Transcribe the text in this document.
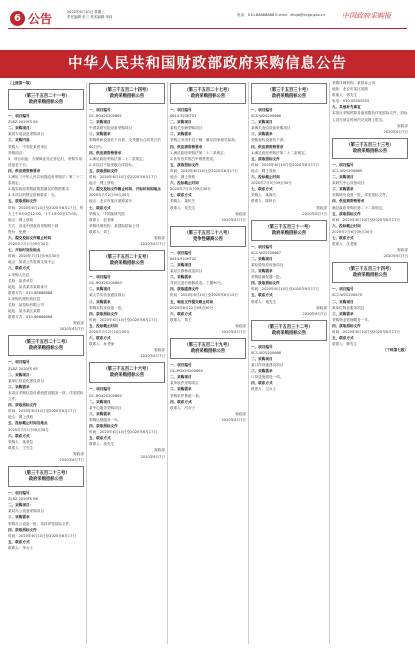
6 公告	2020年6月10日 星期三
责任编辑 张三 美术编辑 李四	电话：010-88888888 E-mail：zfcgb@ccgp.gov.cn 中国政府采购报
中华人民共和国财政部政府采购信息公告

（上接第一版）

（第三千五百二十一号）
政府采购招标公告

一、项目编号

ZLBZ-2020FS 64

二、采购项目：

某省专用设备采购项目

三、采购内容

采购人：中央驻某省单位

采购项目：

3、项目用途：为保障业务正常运行，采购专用设备若干台。

四、供应商资格要求

1.满足《中华人民共和国政府采购法》第二十二条规定；

2.落实政府采购政策需满足的资格要求；

3.本项目的特定资格要求：无。

五、获取招标文件

时间：2020年6月10日至2020年6月17日，每天上午9:00至12:00，下午13:00至17:00。

地点：网上获取

方式：登录中国政府采购网下载

售价：免费

六、提交投标文件截止时间

2020年7月1日09点30分

七、开标时间及地点

时间：2020年7月1日09点30分

地点：某省公共资源交易中心

八、联系方式

1.采购人信息

名称：某省单位

地址：某省某市某路某号

联系方式：010-88888888

2.采购代理机构信息

名称：某招标有限公司

地址：某市某区某路

联系方式：010-66666666

财政部

2020年6月7日

（第三千五百二十二号）
政府采购招标公告

一、项目编号

ZLBZ-2020FS 65

二、采购项目：

某单位信息化建设项目

三、采购需求

本项目采购信息化系统建设服务一项，详见招标文件。

四、获取招标文件

时间：2020年6月10日至2020年6月17日

地点：网上获取

五、投标截止时间及地点

2020年7月1日09点30分

六、联系方式

采购人：某单位

联系人：王先生

财政部

2020年6月7日

（第三千五百二十三号）
政府采购招标公告

一、项目编号

ZLBZ-2020FS 66

二、采购项目：

某局办公设备采购项目

三、采购需求

采购办公设备一批，具体详见招标文件。

四、获取招标文件

时间：2020年6月10日至2020年6月17日

五、联系方式

联系人：李女士

（第三千五百二十四号）
政府采购招标公告

一、项目编号

GC-HGX20200662

二、采购项目

中国某研究院设备采购项目

三、采购需求

采购科研设备若干台套，交货期为合同签订后60日内。

四、供应商资格要求

1.满足政府采购法第二十二条规定；

2.本项目不接受联合体投标。

五、获取招标文件

时间：2020年6月10日至2020年6月17日

地点：网上获取

六、提交投标文件截止时间、开标时间和地点

2020年7月2日09点30分

地点：北京市某区某路某号

七、联系方式

采购人：中国某研究院

联系人：赵老师

采购代理机构：某国际招标公司

联系人：刘工

财政部

2020年6月7日

（第三千五百二十五号）
政府采购招标公告

一、项目编号

GC-HGX20200663

二、采购项目

某大学实验室建设项目

三、采购需求

采购实验室设备一批。

四、获取招标文件

时间：2020年6月10日至2020年6月17日

五、投标截止时间

2020年7月2日14点00分

六、联系方式

联系人：孙老师

财政部

2020年6月7日

（第三千五百二十六号）
政府采购招标公告

一、项目编号

GC-HGX20200664

二、采购项目

某中心服务采购项目

三、采购需求

采购运维服务一年。

四、获取招标文件

时间：2020年6月10日至2020年6月17日

五、联系方式

联系人：周先生

财政部

2020年6月7日

（第三千五百二十七号）
政府采购招标公告

一、项目编号

0614-Y20HT01

二、采购项目

某机关车辆采购项目

三、采购需求

采购公务用车若干辆，满足国家相关标准。

四、供应商资格要求

1.满足政府采购法第二十二条规定；

2.具有有效的汽车销售资质。

五、获取招标文件

时间：2020年6月10日至2020年6月17日

地点：网上获取

六、投标截止时间

2020年7月3日09点30分

七、联系方式

采购人：某机关

联系人：吴先生

财政部

2020年6月7日

（第三千五百二十八号）
竞争性磋商公告

一、项目编号

0614-Y20HT02

二、采购项目

某站点维修改造项目

三、采购需求

对站点进行维修改造，工期90天。

四、获取磋商文件

时间：2020年6月10日至2020年6月15日

五、响应文件提交截止时间

2020年6月22日09点30分

六、联系方式

联系人：郑工

财政部

2020年6月7日

（第三千五百二十九号）
政府采购招标公告

一、项目编号

GC-HGX20200665

二、采购项目

某所软件采购项目

三、采购需求

采购软件系统一套。

四、联系方式

联系人：冯女士

财政部

2020年6月7日

（第三千五百三十号）
政府采购招标公告

一、项目编号

0C1-W20200666

二、采购项目

某海关查验设备采购项目

三、采购需求

采购查验设备若干套。

四、供应商资格要求

1.满足政府采购法第二十二条规定。

五、获取招标文件

时间：2020年6月10日至2020年6月17日

地点：网上获取

六、投标截止时间

2020年7月3日09点30分

七、联系方式

采购人：某海关

联系人：陈科长

财政部

2020年6月7日

（第三千五百三十一号）
政府采购招标公告

一、项目编号

0C1-W20200667

二、采购项目

某检验检疫设备项目

三、采购需求

采购检测仪器一批。

四、获取招标文件

时间：2020年6月10日至2020年6月17日

五、联系方式

联系人：褚先生

财政部

2020年6月7日

（第三千五百三十二号）
政府采购招标公告

一、项目编号

0C1-W20200668

二、采购项目

某口岸设施建设项目

三、采购需求

口岸设施建设一项。

四、联系方式

联系人：卫女士

采购代理机构：某招标公司

地址：北京市某区某路

联系人：蒋先生

电话：010-55555555

九、其他补充事宜

本项目采购预算及最高限价详见招标文件，投标人须在规定时间内完成网上报名。

财政部

2020年6月7日

（第三千五百三十三号）
政府采购招标公告

一、项目编号

0C1-W20200669

二、采购项目

某研究中心设备项目

三、采购需求

采购研究设备一批，详见招标文件。

四、供应商资格要求

满足政府采购法第二十二条规定。

五、获取招标文件

时间：2020年6月10日至2020年6月17日

六、投标截止时间

2020年7月6日09点30分

七、联系方式

联系人：沈老师

财政部

2020年6月7日

（第三千五百三十四号）
政府采购招标公告

一、项目编号

0C1-W20200670

二、采购项目

某单位物业服务项目

三、采购需求

采购物业管理服务一年。

四、获取招标文件

时间：2020年6月10日至2020年6月17日

五、联系方式

联系人：韩先生

（下转第七版）
